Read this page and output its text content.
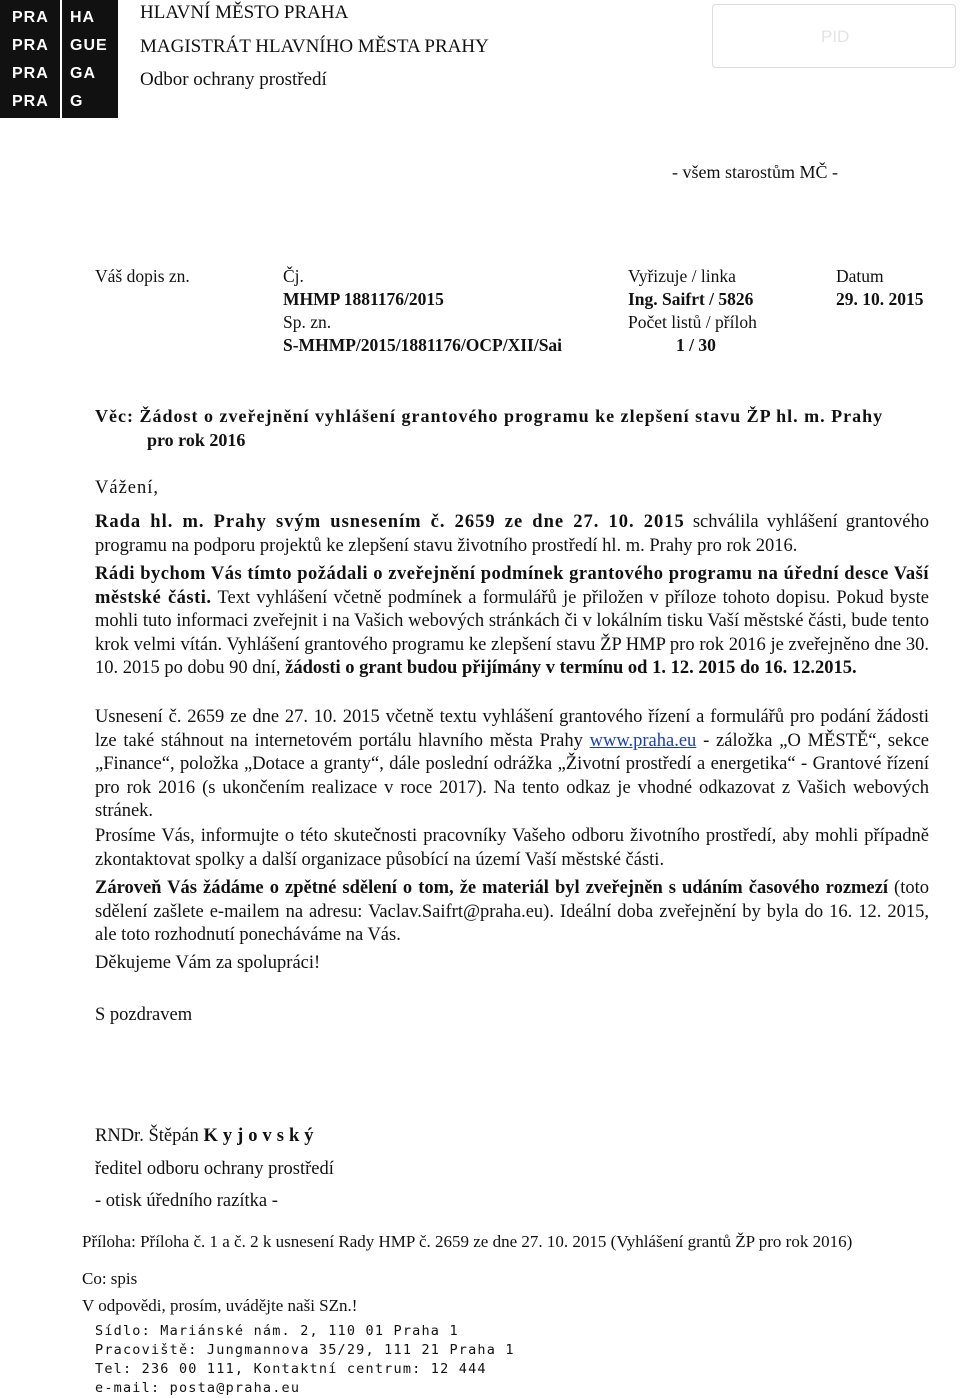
PRA	HA
PRA	GUE
PRA	GA
PRA	G
HLAVNÍ MĚSTO PRAHA
MAGISTRÁT HLAVNÍHO MĚSTA PRAHY
Odbor ochrany prostředí
PID
- všem starostům MČ -
Váš dopis zn.	Čj.
MHMP 1881176/2015
Sp. zn.
S-MHMP/2015/1881176/OCP/XII/Sai
Vyřizuje / linka
Ing. Saifrt / 5826
Počet listů / příloh
1 / 30
Datum
29. 10. 2015
Věc: Žádost o zveřejnění vyhlášení grantového programu ke zlepšení stavu ŽP hl. m. Prahy
pro rok 2016
Vážení,
Rada hl. m. Prahy svým usnesením č. 2659 ze dne 27. 10. 2015 schválila vyhlášení grantového programu na podporu projektů ke zlepšení stavu životního prostředí hl. m. Prahy pro rok 2016.
Rádi bychom Vás tímto požádali o zveřejnění podmínek grantového programu na úřední desce Vaší městské části. Text vyhlášení včetně podmínek a formulářů je přiložen v příloze tohoto dopisu. Pokud byste mohli tuto informaci zveřejnit i na Vašich webových stránkách či v lokálním tisku Vaší městské části, bude tento krok velmi vítán. Vyhlášení grantového programu ke zlepšení stavu ŽP HMP pro rok 2016 je zveřejněno dne 30. 10. 2015 po dobu 90 dní, žádosti o grant budou přijímány v termínu od 1. 12. 2015 do 16. 12.2015.
Usnesení č. 2659 ze dne 27. 10. 2015 včetně textu vyhlášení grantového řízení a formulářů pro podání žádosti lze také stáhnout na internetovém portálu hlavního města Prahy www.praha.eu - záložka „O MĚSTĚ“, sekce „Finance“, položka „Dotace a granty“, dále poslední odrážka „Životní prostředí a energetika“ - Grantové řízení pro rok 2016 (s ukončením realizace v roce 2017). Na tento odkaz je vhodné odkazovat z Vašich webových stránek.
Prosíme Vás, informujte o této skutečnosti pracovníky Vašeho odboru životního prostředí, aby mohli případně zkontaktovat spolky a další organizace působící na území Vaší městské části.
Zároveň Vás žádáme o zpětné sdělení o tom, že materiál byl zveřejněn s udáním časového rozmezí (toto sdělení zašlete e-mailem na adresu: Vaclav.Saifrt@praha.eu). Ideální doba zveřejnění by byla do 16. 12. 2015, ale toto rozhodnutí ponecháváme na Vás.
Děkujeme Vám za spolupráci!
S pozdravem
RNDr. Štěpán Kyjovský
ředitel odboru ochrany prostředí
- otisk úředního razítka -
Příloha: Příloha č. 1 a č. 2 k usnesení Rady HMP č. 2659 ze dne 27. 10. 2015 (Vyhlášení grantů ŽP pro rok 2016)
Co: spis
V odpovědi, prosím, uvádějte naši SZn.!
Sídlo: Mariánské nám. 2, 110 01 Praha 1
Pracoviště: Jungmannova 35/29, 111 21 Praha 1
Tel: 236 00 111, Kontaktní centrum: 12 444
e-mail: posta@praha.eu
